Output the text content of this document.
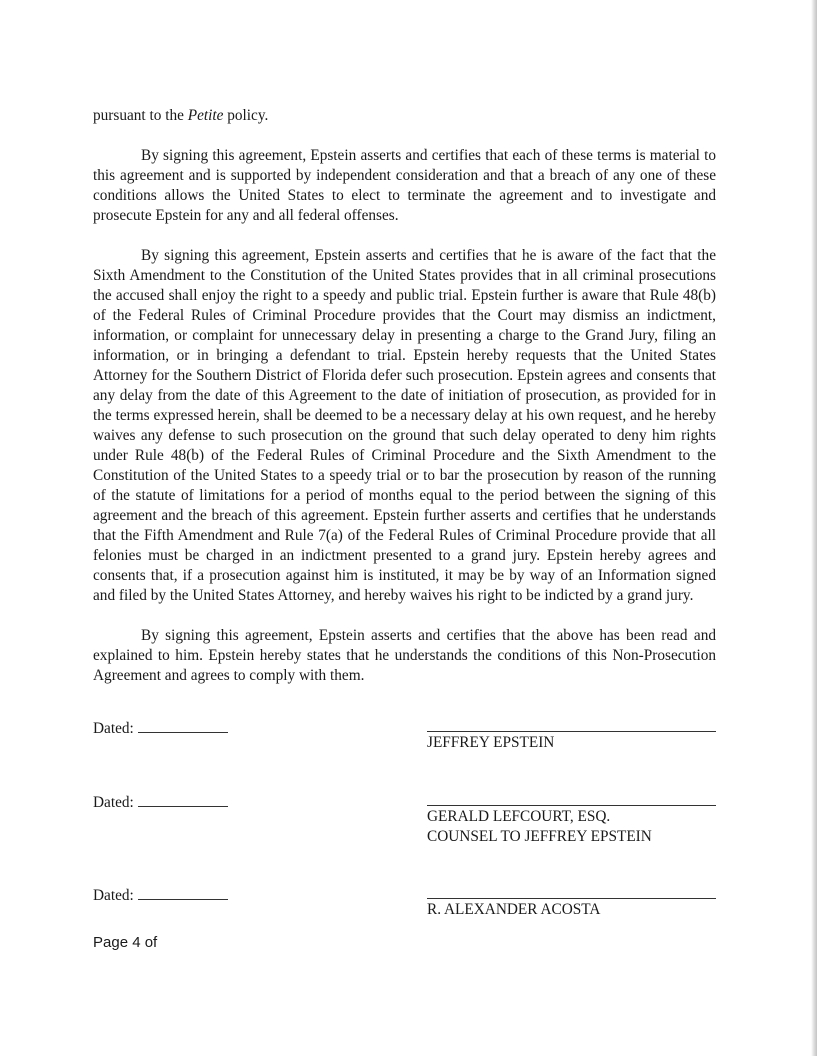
pursuant to the Petite policy.

By signing this agreement, Epstein asserts and certifies that each of these terms is material to this agreement and is supported by independent consideration and that a breach of any one of these conditions allows the United States to elect to terminate the agreement and to investigate and prosecute Epstein for any and all federal offenses.

By signing this agreement, Epstein asserts and certifies that he is aware of the fact that the Sixth Amendment to the Constitution of the United States provides that in all criminal prosecutions the accused shall enjoy the right to a speedy and public trial. Epstein further is aware that Rule 48(b) of the Federal Rules of Criminal Procedure provides that the Court may dismiss an indictment, information, or complaint for unnecessary delay in presenting a charge to the Grand Jury, filing an information, or in bringing a defendant to trial. Epstein hereby requests that the United States Attorney for the Southern District of Florida defer such prosecution. Epstein agrees and consents that any delay from the date of this Agreement to the date of initiation of prosecution, as provided for in the terms expressed herein, shall be deemed to be a necessary delay at his own request, and he hereby waives any defense to such prosecution on the ground that such delay operated to deny him rights under Rule 48(b) of the Federal Rules of Criminal Procedure and the Sixth Amendment to the Constitution of the United States to a speedy trial or to bar the prosecution by reason of the running of the statute of limitations for a period of months equal to the period between the signing of this agreement and the breach of this agreement. Epstein further asserts and certifies that he understands that the Fifth Amendment and Rule 7(a) of the Federal Rules of Criminal Procedure provide that all felonies must be charged in an indictment presented to a grand jury. Epstein hereby agrees and consents that, if a prosecution against him is instituted, it may be by way of an Information signed and filed by the United States Attorney, and hereby waives his right to be indicted by a grand jury.

By signing this agreement, Epstein asserts and certifies that the above has been read and explained to him. Epstein hereby states that he understands the conditions of this Non-Prosecution Agreement and agrees to comply with them.

Dated:
JEFFREY EPSTEIN
Dated:
GERALD LEFCOURT, ESQ.
COUNSEL TO JEFFREY EPSTEIN
Dated:
R. ALEXANDER ACOSTA
Page 4 of
